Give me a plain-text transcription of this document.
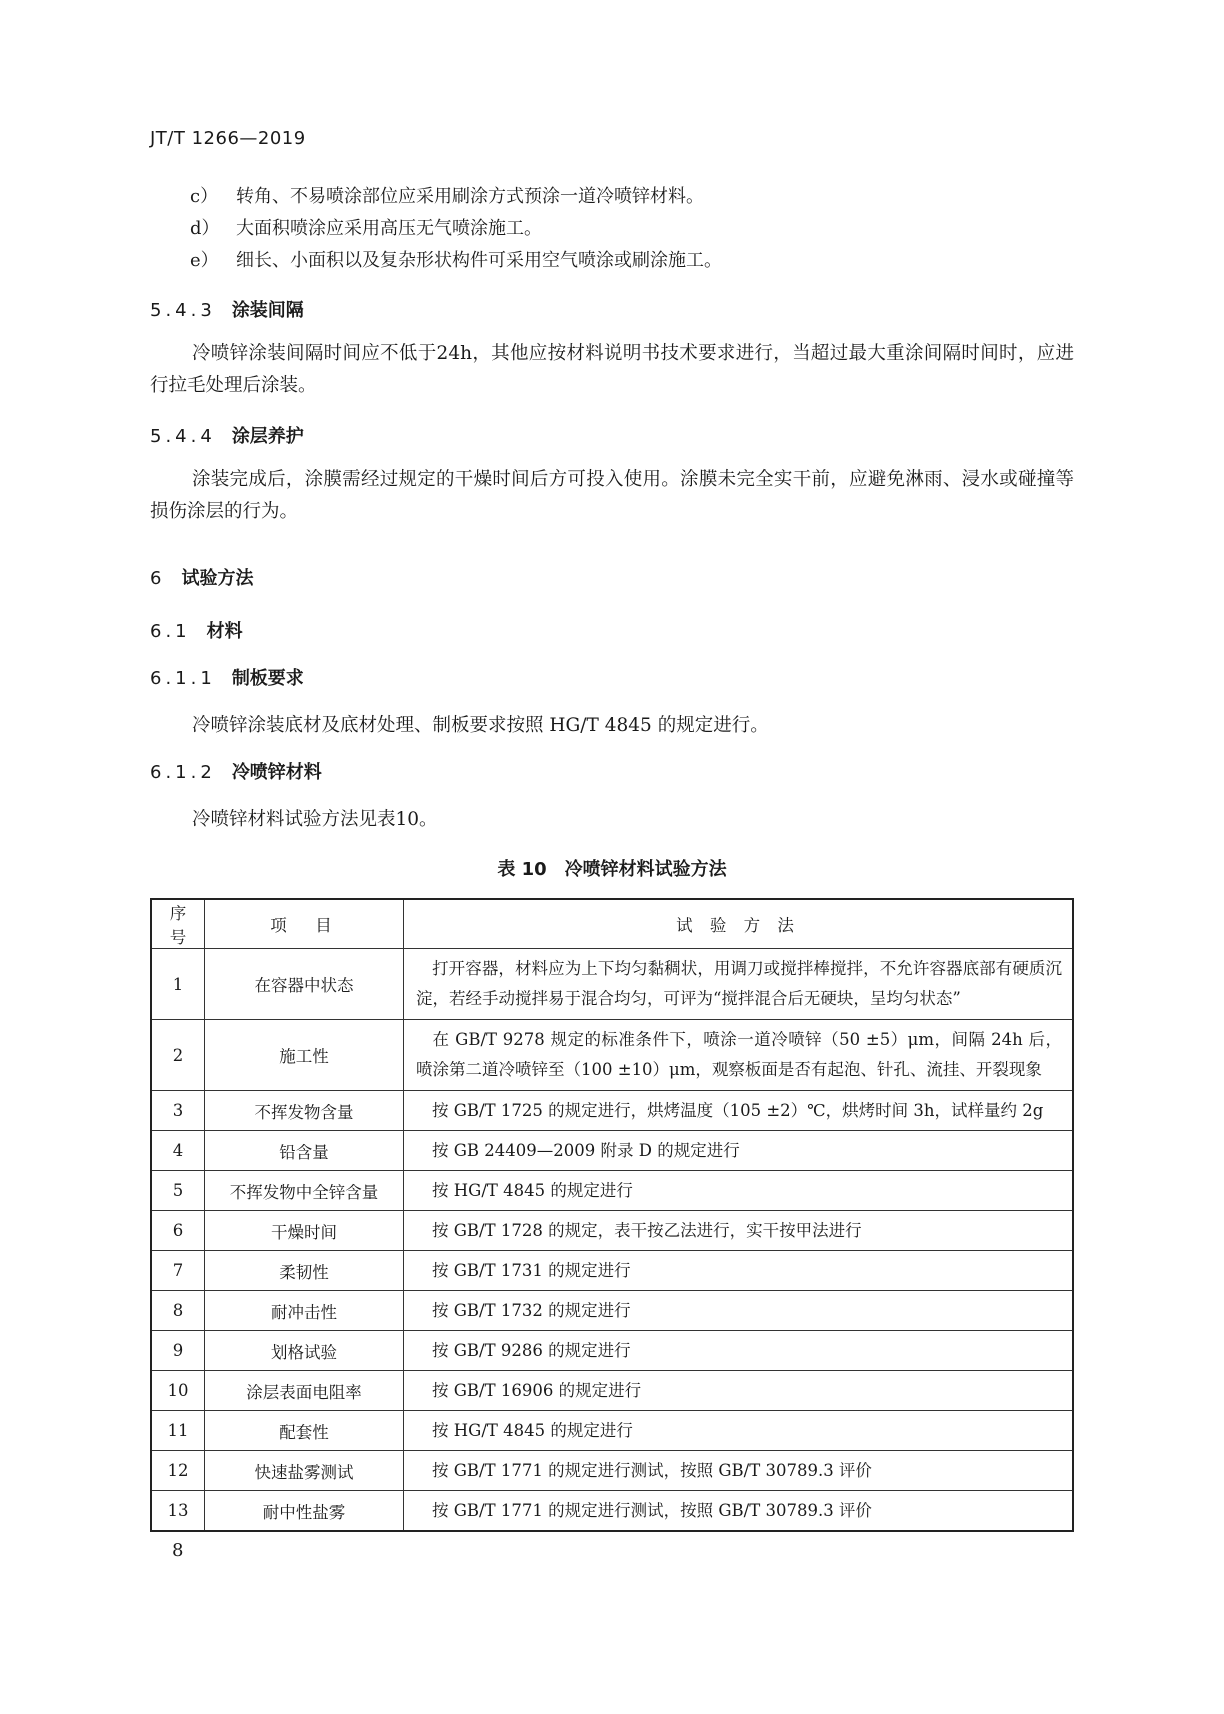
JT/T 1266—2019
c） 转角、不易喷涂部位应采用刷涂方式预涂一道冷喷锌材料。
d） 大面积喷涂应采用高压无气喷涂施工。
e） 细长、小面积以及复杂形状构件可采用空气喷涂或刷涂施工。
5.4.3 涂装间隔
冷喷锌涂装间隔时间应不低于24h，其他应按材料说明书技术要求进行，当超过最大重涂间隔时间时，应进行拉毛处理后涂装。
5.4.4 涂层养护
涂装完成后，涂膜需经过规定的干燥时间后方可投入使用。涂膜未完全实干前，应避免淋雨、浸水或碰撞等损伤涂层的行为。
6 试验方法
6.1 材料
6.1.1 制板要求
冷喷锌涂装底材及底材处理、制板要求按照 HG/T 4845 的规定进行。
6.1.2 冷喷锌材料
冷喷锌材料试验方法见表10。
表 10　冷喷锌材料试验方法
序号	项　目	试 验 方 法
1	在容器中状态	打开容器，材料应为上下均匀黏稠状，用调刀或搅拌棒搅拌，不允许容器底部有硬质沉淀，若经手动搅拌易于混合均匀，可评为“搅拌混合后无硬块，呈均匀状态”
2	施工性	在 GB/T 9278 规定的标准条件下，喷涂一道冷喷锌（50 ±5）μm，间隔 24h 后，喷涂第二道冷喷锌至（100 ±10）μm，观察板面是否有起泡、针孔、流挂、开裂现象
3	不挥发物含量	按 GB/T 1725 的规定进行，烘烤温度（105 ±2）℃，烘烤时间 3h，试样量约 2g
4	铅含量	按 GB 24409—2009 附录 D 的规定进行
5	不挥发物中全锌含量	按 HG/T 4845 的规定进行
6	干燥时间	按 GB/T 1728 的规定，表干按乙法进行，实干按甲法进行
7	柔韧性	按 GB/T 1731 的规定进行
8	耐冲击性	按 GB/T 1732 的规定进行
9	划格试验	按 GB/T 9286 的规定进行
10	涂层表面电阻率	按 GB/T 16906 的规定进行
11	配套性	按 HG/T 4845 的规定进行
12	快速盐雾测试	按 GB/T 1771 的规定进行测试，按照 GB/T 30789.3 评价
13	耐中性盐雾	按 GB/T 1771 的规定进行测试，按照 GB/T 30789.3 评价
8
